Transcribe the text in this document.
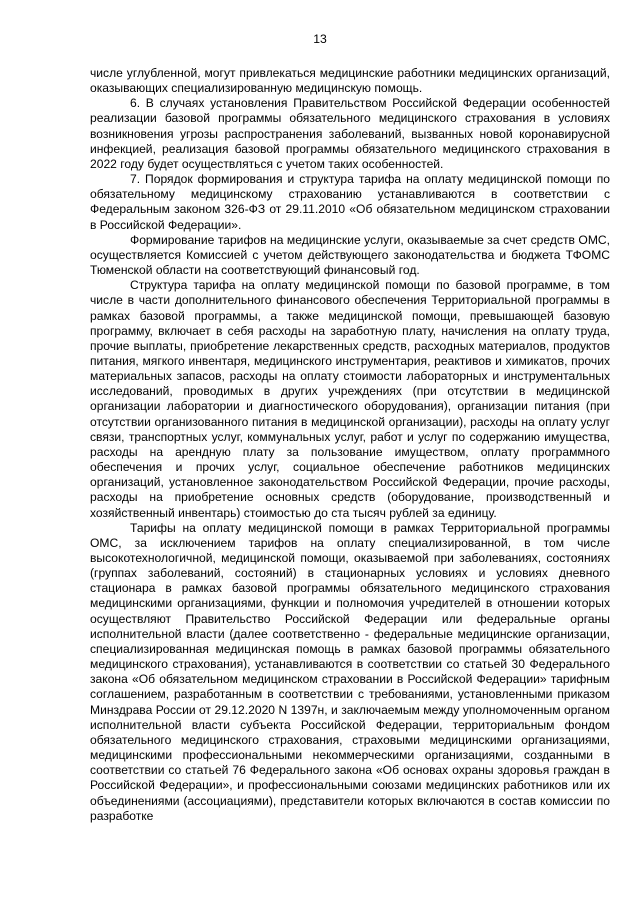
13

числе углубленной, могут привлекаться медицинские работники медицинских организаций, оказывающих специализированную медицинскую помощь.

6. В случаях установления Правительством Российской Федерации особенностей реализации базовой программы обязательного медицинского страхования в условиях возникновения угрозы распространения заболеваний, вызванных новой коронавирусной инфекцией, реализация базовой программы обязательного медицинского страхования в 2022 году будет осуществляться с учетом таких особенностей.

7. Порядок формирования и структура тарифа на оплату медицинской помощи по обязательному медицинскому страхованию устанавливаются в соответствии с Федеральным законом 326-ФЗ от 29.11.2010 «Об обязательном медицинском страховании в Российской Федерации».

Формирование тарифов на медицинские услуги, оказываемые за счет средств ОМС, осуществляется Комиссией с учетом действующего законодательства и бюджета ТФОМС Тюменской области на соответствующий финансовый год.

Структура тарифа на оплату медицинской помощи по базовой программе, в том числе в части дополнительного финансового обеспечения Территориальной программы в рамках базовой программы, а также медицинской помощи, превышающей базовую программу, включает в себя расходы на заработную плату, начисления на оплату труда, прочие выплаты, приобретение лекарственных средств, расходных материалов, продуктов питания, мягкого инвентаря, медицинского инструментария, реактивов и химикатов, прочих материальных запасов, расходы на оплату стоимости лабораторных и инструментальных исследований, проводимых в других учреждениях (при отсутствии в медицинской организации лаборатории и диагностического оборудования), организации питания (при отсутствии организованного питания в медицинской организации), расходы на оплату услуг связи, транспортных услуг, коммунальных услуг, работ и услуг по содержанию имущества, расходы на арендную плату за пользование имуществом, оплату программного обеспечения и прочих услуг, социальное обеспечение работников медицинских организаций, установленное законодательством Российской Федерации, прочие расходы, расходы на приобретение основных средств (оборудование, производственный и хозяйственный инвентарь) стоимостью до ста тысяч рублей за единицу.

Тарифы на оплату медицинской помощи в рамках Территориальной программы ОМС, за исключением тарифов на оплату специализированной, в том числе высокотехнологичной, медицинской помощи, оказываемой при заболеваниях, состояниях (группах заболеваний, состояний) в стационарных условиях и условиях дневного стационара в рамках базовой программы обязательного медицинского страхования медицинскими организациями, функции и полномочия учредителей в отношении которых осуществляют Правительство Российской Федерации или федеральные органы исполнительной власти (далее соответственно - федеральные медицинские организации, специализированная медицинская помощь в рамках базовой программы обязательного медицинского страхования), устанавливаются в соответствии со статьей 30 Федерального закона «Об обязательном медицинском страховании в Российской Федерации» тарифным соглашением, разработанным в соответствии с требованиями, установленными приказом Минздрава России от 29.12.2020 N 1397н, и заключаемым между уполномоченным органом исполнительной власти субъекта Российской Федерации, территориальным фондом обязательного медицинского страхования, страховыми медицинскими организациями, медицинскими профессиональными некоммерческими организациями, созданными в соответствии со статьей 76 Федерального закона «Об основах охраны здоровья граждан в Российской Федерации», и профессиональными союзами медицинских работников или их объединениями (ассоциациями), представители которых включаются в состав комиссии по разработке
